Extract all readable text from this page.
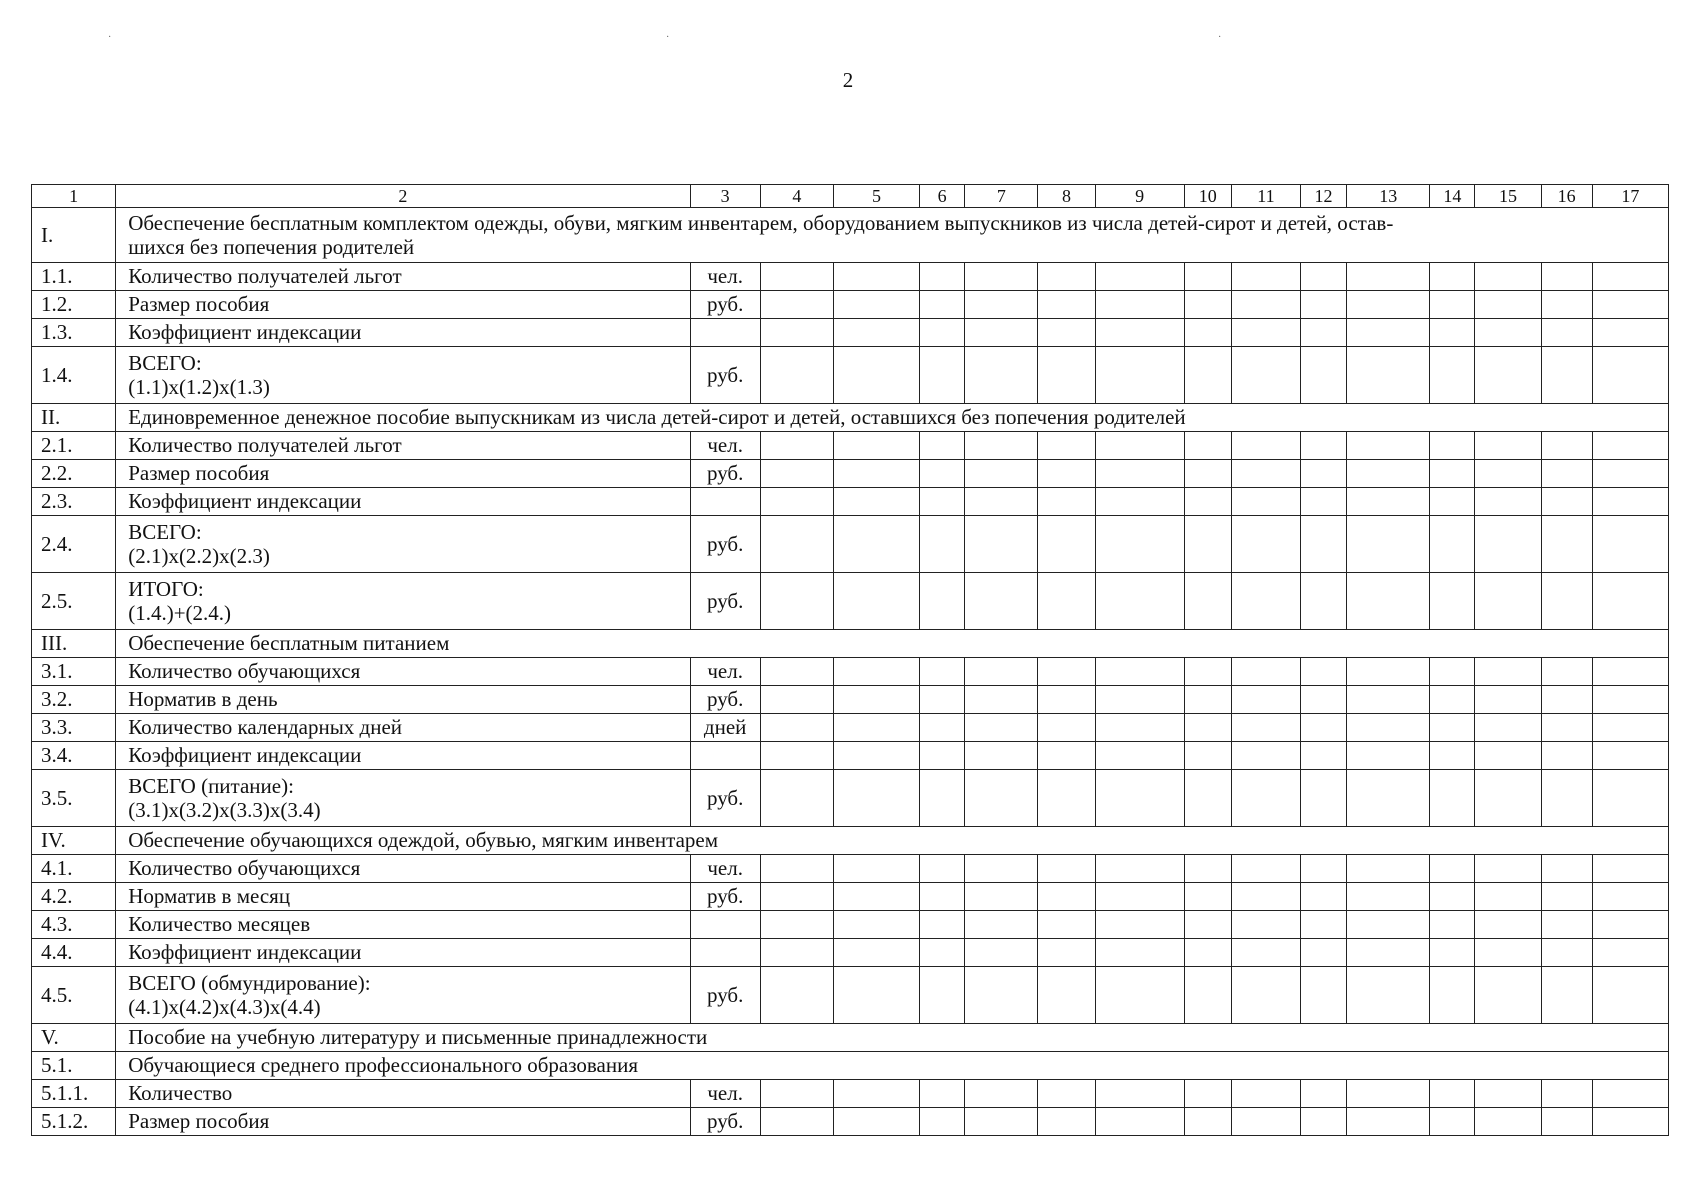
·	·	·
2
1	2	3	4	5	6	7	8	9	10	11	12	13	14	15	16	17
I.	Обеспечение бесплатным комплектом одежды, обуви, мягким инвентарем, оборудованием выпускников из числа детей-сирот и детей, остав-
шихся без попечения родителей															

1.1.	Количество получателей льгот	чел.														
1.2.	Размер пособия	руб.														
1.3.	Коэффициент индексации															
1.4.	ВСЕГО:
(1.1)x(1.2)x(1.3)	руб.														
II.	Единовременное денежное пособие выпускникам из числа детей-сирот и детей, оставшихся без попечения родителей															
2.1.	Количество получателей льгот	чел.														
2.2.	Размер пособия	руб.														
2.3.	Коэффициент индексации															
2.4.	ВСЕГО:
(2.1)x(2.2)x(2.3)	руб.														
2.5.	ИТОГО:
(1.4.)+(2.4.)	руб.														
III.	Обеспечение бесплатным питанием															
3.1.	Количество обучающихся	чел.														
3.2.	Норматив в день	руб.														
3.3.	Количество календарных дней	дней														
3.4.	Коэффициент индексации															
3.5.	ВСЕГО (питание):
(3.1)x(3.2)x(3.3)x(3.4)	руб.														
IV.	Обеспечение обучающихся одеждой, обувью, мягким инвентарем															
4.1.	Количество обучающихся	чел.														
4.2.	Норматив в месяц	руб.														
4.3.	Количество месяцев															
4.4.	Коэффициент индексации															
4.5.	ВСЕГО (обмундирование):
(4.1)x(4.2)x(4.3)x(4.4)	руб.														
V.	Пособие на учебную литературу и письменные принадлежности															
5.1.	Обучающиеся среднего профессионального образования															
5.1.1.	Количество	чел.														
5.1.2.	Размер пособия	руб.														
